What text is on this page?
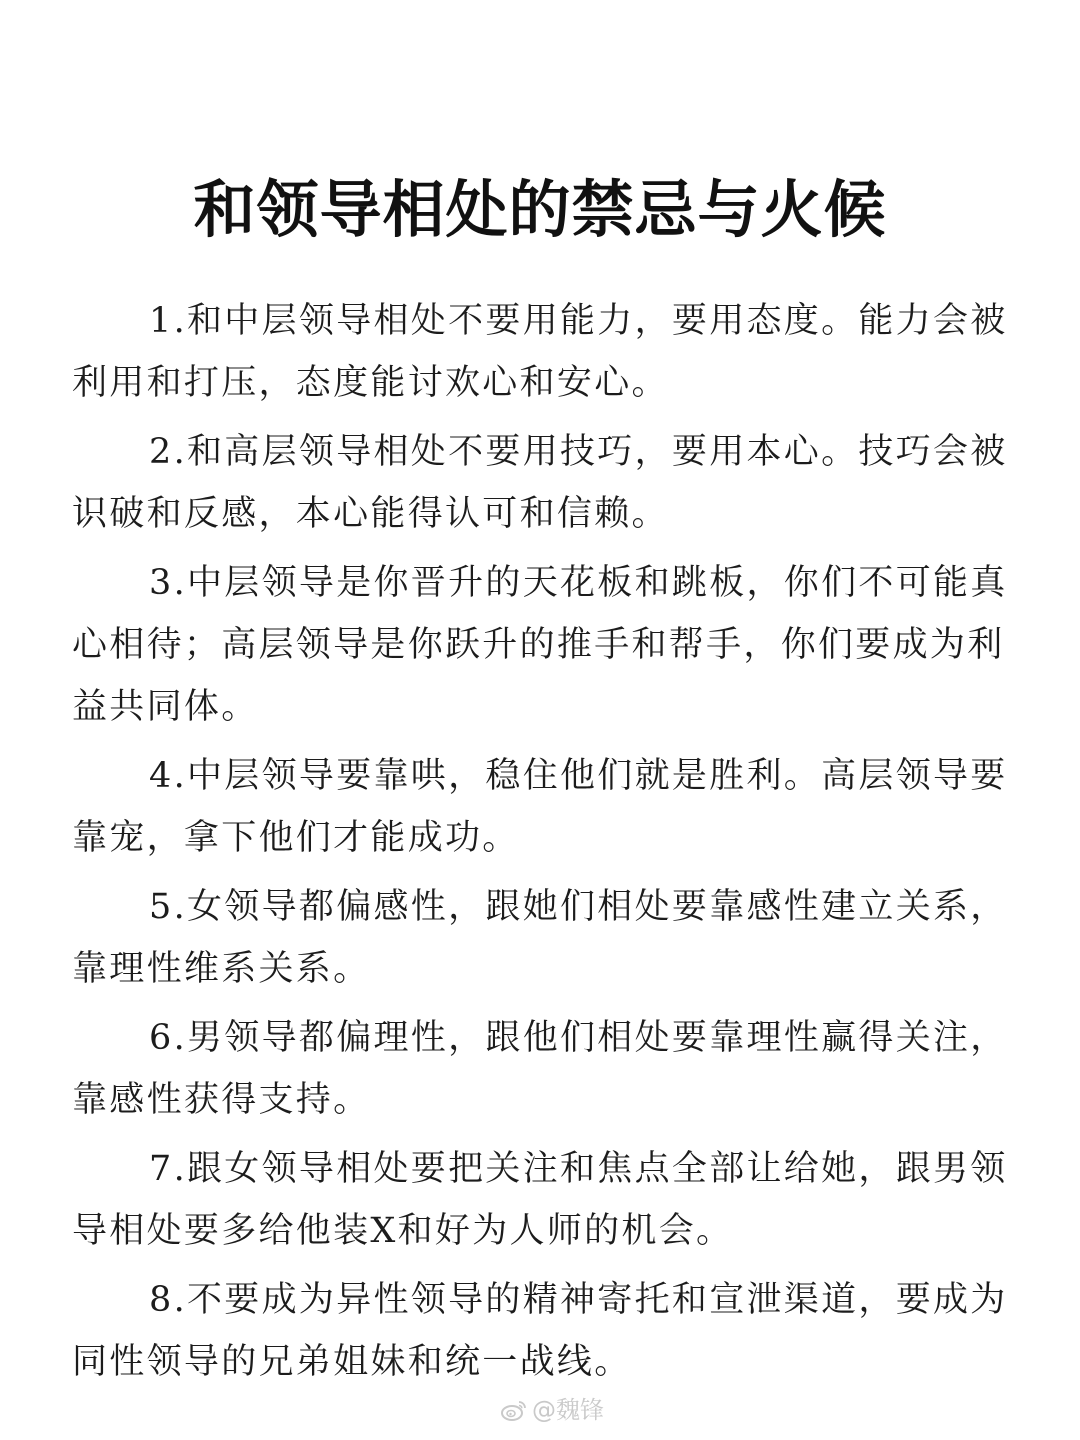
和领导相处的禁忌与火候

1.和中层领导相处不要用能力，要用态度。能力会被利用和打压，态度能讨欢心和安心。

2.和高层领导相处不要用技巧，要用本心。技巧会被识破和反感，本心能得认可和信赖。

3.中层领导是你晋升的天花板和跳板，你们不可能真心相待；高层领导是你跃升的推手和帮手，你们要成为利益共同体。

4.中层领导要靠哄，稳住他们就是胜利。高层领导要靠宠，拿下他们才能成功。

5.女领导都偏感性，跟她们相处要靠感性建立关系，靠理性维系关系。

6.男领导都偏理性，跟他们相处要靠理性赢得关注，靠感性获得支持。

7.跟女领导相处要把关注和焦点全部让给她，跟男领导相处要多给他装X和好为人师的机会。

8.不要成为异性领导的精神寄托和宣泄渠道，要成为同性领导的兄弟姐妹和统一战线。

@魏锋
